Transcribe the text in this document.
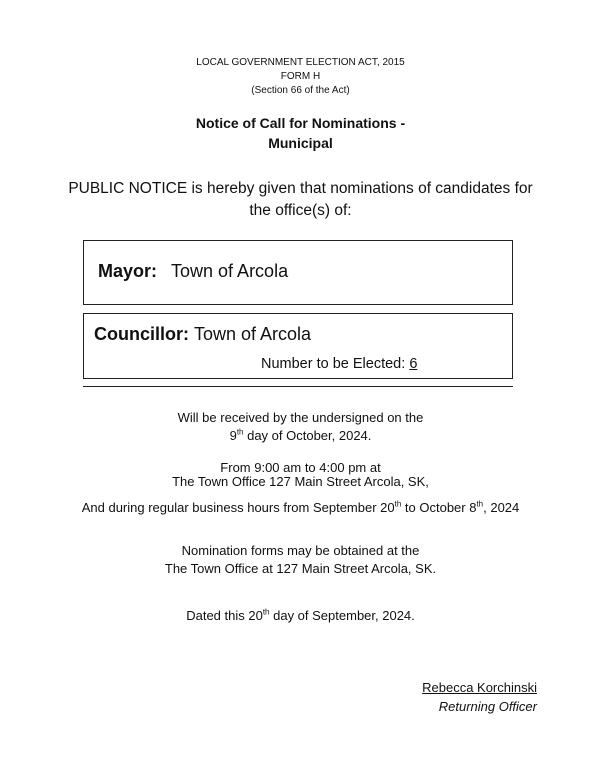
LOCAL GOVERNMENT ELECTION ACT, 2015
FORM H
(Section 66 of the Act)
Notice of Call for Nominations -
Municipal
PUBLIC NOTICE is hereby given that nominations of candidates for
the office(s) of:
Mayor: Town of Arcola
Councillor: Town of Arcola
Number to be Elected: 6
Will be received by the undersigned on the
9th day of October, 2024.
From 9:00 am to 4:00 pm at
The Town Office 127 Main Street Arcola, SK,
And during regular business hours from September 20th to October 8th, 2024
Nomination forms may be obtained at the
The Town Office at 127 Main Street Arcola, SK.
Dated this 20th day of September, 2024.
Rebecca Korchinski
Returning Officer
